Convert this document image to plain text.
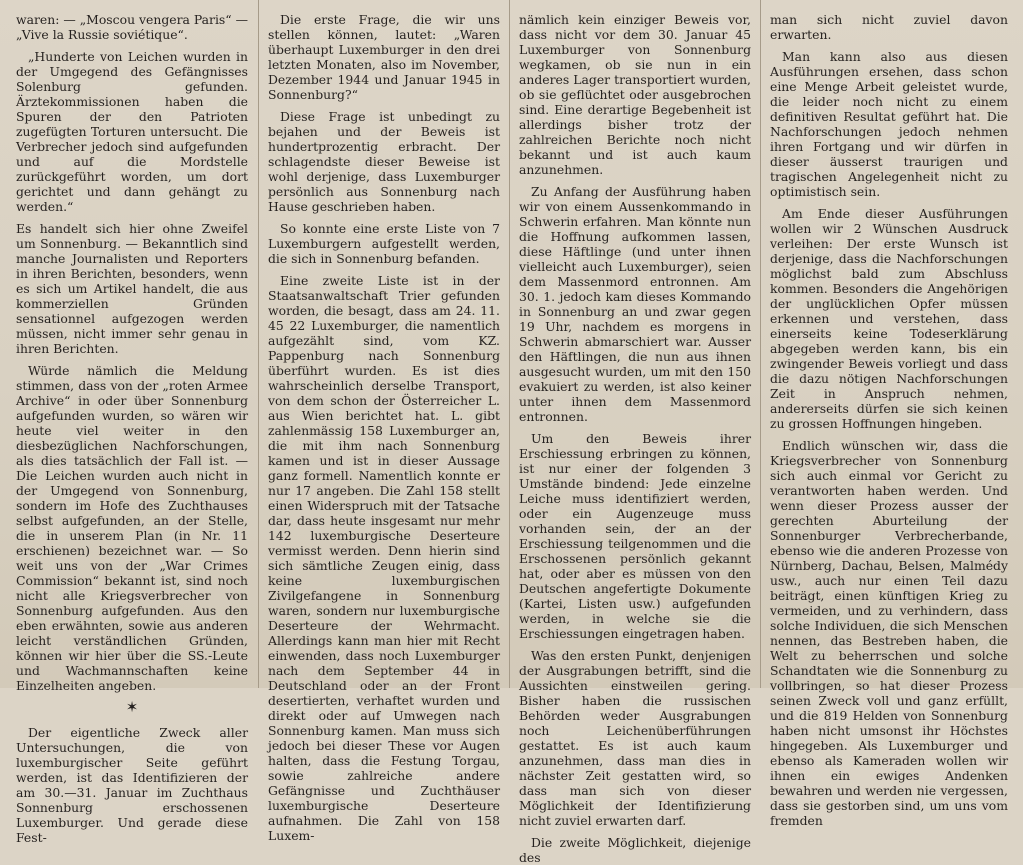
waren: — „Moscou vengera Paris“ — „Vive la Russie soviétique“.

„Hunderte von Leichen wurden in der Umgegend des Gefängnisses Solenburg gefunden. Ärztekommissionen haben die Spuren der den Patrioten zugefügten Torturen untersucht. Die Verbrecher jedoch sind aufgefunden und auf die Mordstelle zurückgeführt worden, um dort gerichtet und dann gehängt zu werden.“

Es handelt sich hier ohne Zweifel um Sonnenburg. — Bekanntlich sind manche Journalisten und Reporters in ihren Berichten, besonders, wenn es sich um Artikel handelt, die aus kommerziellen Gründen sensationnel aufgezogen werden müssen, nicht immer sehr genau in ihren Berichten.

Würde nämlich die Meldung stimmen, dass von der „roten Armee Archive“ in oder über Sonnenburg aufgefunden wurden, so wären wir heute viel weiter in den diesbezüglichen Nachforschungen, als dies tatsächlich der Fall ist. — Die Leichen wurden auch nicht in der Umgegend von Sonnenburg, sondern im Hofe des Zuchthauses selbst aufgefunden, an der Stelle, die in unserem Plan (in Nr. 11 erschienen) bezeichnet war. — So weit uns von der „War Crimes Commission“ bekannt ist, sind noch nicht alle Kriegsverbrecher von Sonnenburg aufgefunden. Aus den eben erwähnten, sowie aus anderen leicht verständlichen Gründen, können wir hier über die SS.-Leute und Wachmannschaften keine Einzelheiten angeben.

✶

Der eigentliche Zweck aller Untersuchungen, die von luxemburgischer Seite geführt werden, ist das Identifizieren der am 30.—31. Januar im Zuchthaus Sonnenburg erschossenen Luxemburger. Und gerade diese Fest-

Die erste Frage, die wir uns stellen können, lautet: „Waren überhaupt Luxemburger in den drei letzten Monaten, also im November, Dezember 1944 und Januar 1945 in Sonnenburg?“

Diese Frage ist unbedingt zu bejahen und der Beweis ist hundertprozentig erbracht. Der schlagendste dieser Beweise ist wohl derjenige, dass Luxemburger persönlich aus Sonnenburg nach Hause geschrieben haben.

So konnte eine erste Liste von 7 Luxemburgern aufgestellt werden, die sich in Sonnenburg befanden.

Eine zweite Liste ist in der Staatsanwaltschaft Trier gefunden worden, die besagt, dass am 24. 11. 45 22 Luxemburger, die namentlich aufgezählt sind, vom KZ. Pappenburg nach Sonnenburg überführt wurden. Es ist dies wahrscheinlich derselbe Transport, von dem schon der Österreicher L. aus Wien berichtet hat. L. gibt zahlenmässig 158 Luxemburger an, die mit ihm nach Sonnenburg kamen und ist in dieser Aussage ganz formell. Namentlich konnte er nur 17 angeben. Die Zahl 158 stellt einen Widerspruch mit der Tatsache dar, dass heute insgesamt nur mehr 142 luxemburgische Deserteure vermisst werden. Denn hierin sind sich sämtliche Zeugen einig, dass keine luxemburgischen Zivilgefangene in Sonnenburg waren, sondern nur luxemburgische Deserteure der Wehrmacht. Allerdings kann man hier mit Recht einwenden, dass noch Luxemburger nach dem September 44 in Deutschland oder an der Front desertierten, verhaftet wurden und direkt oder auf Umwegen nach Sonnenburg kamen. Man muss sich jedoch bei dieser These vor Augen halten, dass die Festung Torgau, sowie zahlreiche andere Gefängnisse und Zuchthäuser luxemburgische Deserteure aufnahmen. Die Zahl von 158 Luxem-

nämlich kein einziger Beweis vor, dass nicht vor dem 30. Januar 45 Luxemburger von Sonnenburg wegkamen, ob sie nun in ein anderes Lager transportiert wurden, ob sie geflüchtet oder ausgebrochen sind. Eine derartige Begebenheit ist allerdings bisher trotz der zahlreichen Berichte noch nicht bekannt und ist auch kaum anzunehmen.

Zu Anfang der Ausführung haben wir von einem Aussenkommando in Schwerin erfahren. Man könnte nun die Hoffnung aufkommen lassen, diese Häftlinge (und unter ihnen vielleicht auch Luxemburger), seien dem Massenmord entronnen. Am 30. 1. jedoch kam dieses Kommando in Sonnenburg an und zwar gegen 19 Uhr, nachdem es morgens in Schwerin abmarschiert war. Ausser den Häftlingen, die nun aus ihnen ausgesucht wurden, um mit den 150 evakuiert zu werden, ist also keiner unter ihnen dem Massenmord entronnen.

Um den Beweis ihrer Erschiessung erbringen zu können, ist nur einer der folgenden 3 Umstände bindend: Jede einzelne Leiche muss identifiziert werden, oder ein Augenzeuge muss vorhanden sein, der an der Erschiessung teilgenommen und die Erschossenen persönlich gekannt hat, oder aber es müssen von den Deutschen angefertigte Dokumente (Kartei, Listen usw.) aufgefunden werden, in welche sie die Erschiessungen eingetragen haben.

Was den ersten Punkt, denjenigen der Ausgrabungen betrifft, sind die Aussichten einstweilen gering. Bisher haben die russischen Behörden weder Ausgrabungen noch Leichenüberführungen gestattet. Es ist auch kaum anzunehmen, dass man dies in nächster Zeit gestatten wird, so dass man sich von dieser Möglichkeit der Identifizierung nicht zuviel erwarten darf.

Die zweite Möglichkeit, diejenige des

man sich nicht zuviel davon erwarten.

Man kann also aus diesen Ausführungen ersehen, dass schon eine Menge Arbeit geleistet wurde, die leider noch nicht zu einem definitiven Resultat geführt hat. Die Nachforschungen jedoch nehmen ihren Fortgang und wir dürfen in dieser äusserst traurigen und tragischen Angelegenheit nicht zu optimistisch sein.

Am Ende dieser Ausführungen wollen wir 2 Wünschen Ausdruck verleihen: Der erste Wunsch ist derjenige, dass die Nachforschungen möglichst bald zum Abschluss kommen. Besonders die Angehörigen der unglücklichen Opfer müssen erkennen und verstehen, dass einerseits keine Todeserklärung abgegeben werden kann, bis ein zwingender Beweis vorliegt und dass die dazu nötigen Nachforschungen Zeit in Anspruch nehmen, andererseits dürfen sie sich keinen zu grossen Hoffnungen hingeben.

Endlich wünschen wir, dass die Kriegsverbrecher von Sonnenburg sich auch einmal vor Gericht zu verantworten haben werden. Und wenn dieser Prozess ausser der gerechten Aburteilung der Sonnenburger Verbrecherbande, ebenso wie die anderen Prozesse von Nürnberg, Dachau, Belsen, Malmédy usw., auch nur einen Teil dazu beiträgt, einen künftigen Krieg zu vermeiden, und zu verhindern, dass solche Individuen, die sich Menschen nennen, das Bestreben haben, die Welt zu beherrschen und solche Schandtaten wie die Sonnenburg zu vollbringen, so hat dieser Prozess seinen Zweck voll und ganz erfüllt, und die 819 Helden von Sonnenburg haben nicht umsonst ihr Höchstes hingegeben. Als Luxemburger und ebenso als Kameraden wollen wir ihnen ein ewiges Andenken bewahren und werden nie vergessen, dass sie gestorben sind, um uns vom fremden
